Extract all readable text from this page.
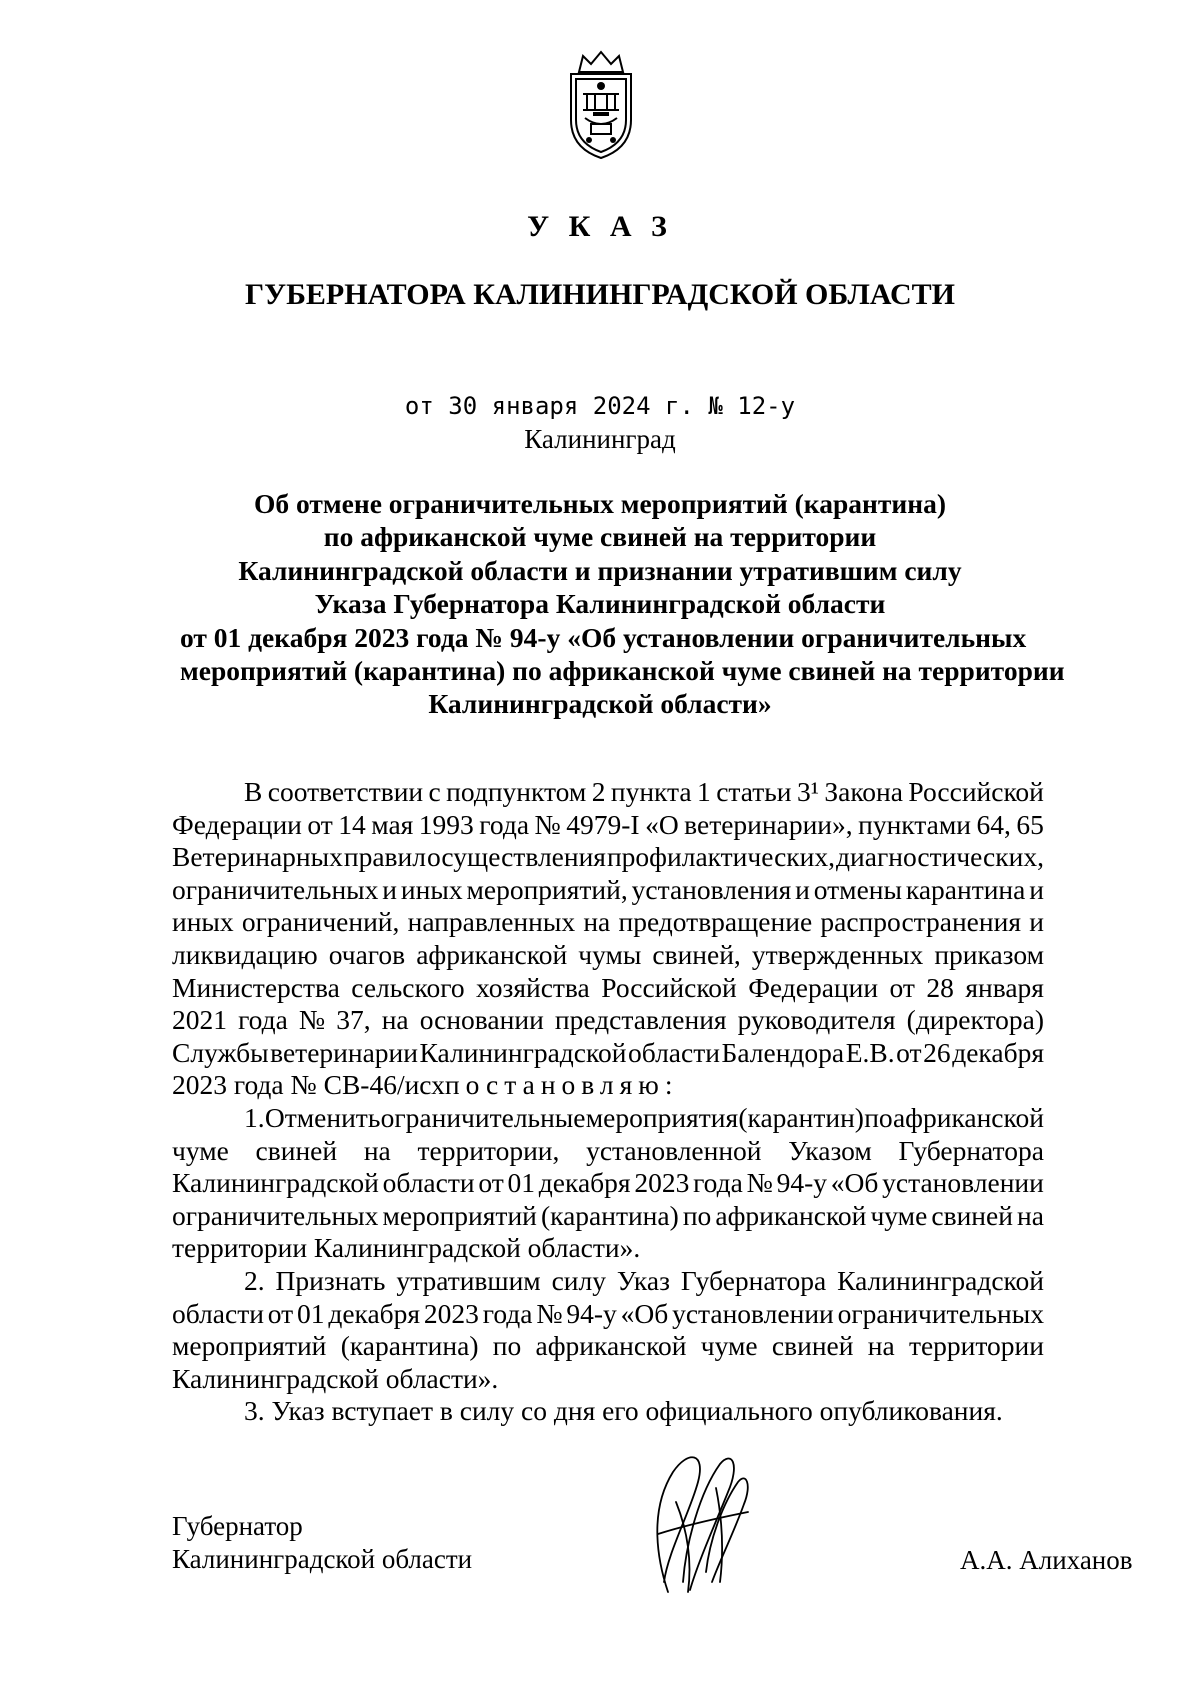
У К А З
ГУБЕРНАТОРА КАЛИНИНГРАДСКОЙ ОБЛАСТИ
от 30 января 2024 г. № 12-у
Калининград
Об отмене ограничительных мероприятий (карантина)
по африканской чуме свиней на территории
Калининградской области и признании утратившим силу
Указа Губернатора Калининградской области
от 01 декабря 2023 года № 94-у «Об установлении ограничительных
мероприятий (карантина) по африканской чуме свиней на территории
Калининградской области»
В соответствии с подпунктом 2 пункта 1 статьи 3¹ Закона Российской
Федерации от 14 мая 1993 года № 4979-I «О ветеринарии», пунктами 64, 65
Ветеринарных правил осуществления профилактических, диагностических,
ограничительных и иных мероприятий, установления и отмены карантина и
иных ограничений, направленных на предотвращение распространения и
ликвидацию очагов африканской чумы свиней, утвержденных приказом
Министерства сельского хозяйства Российской Федерации от 28 января
2021 года № 37, на основании представления руководителя (директора)
Службы ветеринарии Калининградской области Балендора Е.В. от 26 декабря
2023 года № СВ-46/исх постановляю:
1. Отменить ограничительные мероприятия (карантин) по африканской
чуме свиней на территории, установленной Указом Губернатора
Калининградской области от 01 декабря 2023 года № 94-у «Об установлении
ограничительных мероприятий (карантина) по африканской чуме свиней на
территории Калининградской области».
2. Признать утратившим силу Указ Губернатора Калининградской
области от 01 декабря 2023 года № 94-у «Об установлении ограничительных
мероприятий (карантина) по африканской чуме свиней на территории
Калининградской области».
3. Указ вступает в силу со дня его официального опубликования.
Губернатор
Калининградской области	А.А. Алиханов
